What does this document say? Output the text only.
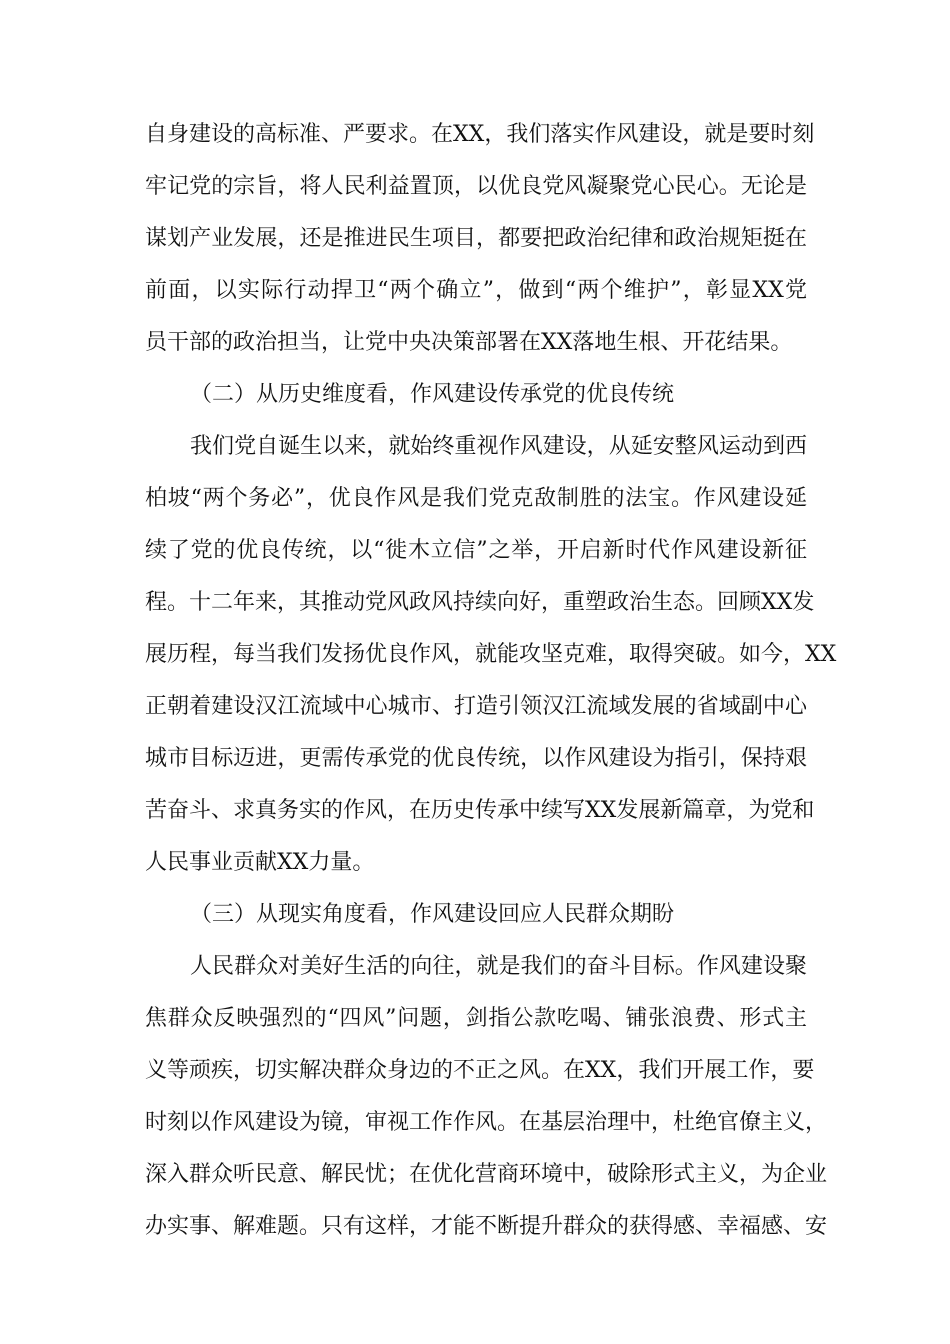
自身建设的高标准、严要求。在XX，我们落实作风建设，就是要时刻
牢记党的宗旨，将人民利益置顶，以优良党风凝聚党心民心。无论是
谋划产业发展，还是推进民生项目，都要把政治纪律和政治规矩挺在
前面，以实际行动捍卫“两个确立”，做到“两个维护”，彰显XX党
员干部的政治担当，让党中央决策部署在XX落地生根、开花结果。
（二）从历史维度看，作风建设传承党的优良传统
我们党自诞生以来，就始终重视作风建设，从延安整风运动到西
柏坡“两个务必”，优良作风是我们党克敌制胜的法宝。作风建设延
续了党的优良传统，以“徙木立信”之举，开启新时代作风建设新征
程。十二年来，其推动党风政风持续向好，重塑政治生态。回顾XX发
展历程，每当我们发扬优良作风，就能攻坚克难，取得突破。如今，XX
正朝着建设汉江流域中心城市、打造引领汉江流域发展的省域副中心
城市目标迈进，更需传承党的优良传统，以作风建设为指引，保持艰
苦奋斗、求真务实的作风，在历史传承中续写XX发展新篇章，为党和
人民事业贡献XX力量。
（三）从现实角度看，作风建设回应人民群众期盼
人民群众对美好生活的向往，就是我们的奋斗目标。作风建设聚
焦群众反映强烈的“四风”问题，剑指公款吃喝、铺张浪费、形式主
义等顽疾，切实解决群众身边的不正之风。在XX，我们开展工作，要
时刻以作风建设为镜，审视工作作风。在基层治理中，杜绝官僚主义，
深入群众听民意、解民忧；在优化营商环境中，破除形式主义，为企业
办实事、解难题。只有这样，才能不断提升群众的获得感、幸福感、安
